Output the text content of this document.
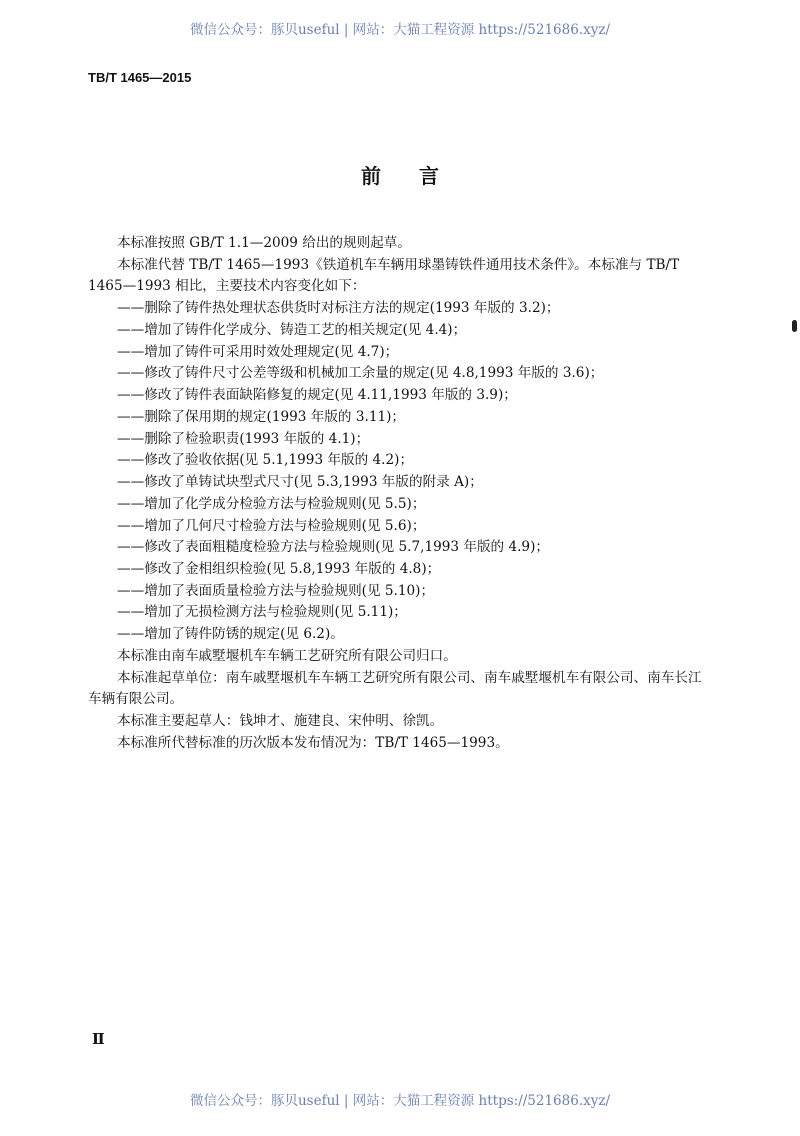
微信公众号：豚贝useful | 网站：大猫工程资源 https://521686.xyz/
TB/T 1465—2015
前言
本标准按照 GB/T 1.1—2009 给出的规则起草。
本标准代替 TB/T 1465—1993《铁道机车车辆用球墨铸铁件通用技术条件》。本标准与 TB/T
1465—1993 相比，主要技术内容变化如下：
——删除了铸件热处理状态供货时对标注方法的规定(1993 年版的 3.2)；
——增加了铸件化学成分、铸造工艺的相关规定(见 4.4)；
——增加了铸件可采用时效处理规定(见 4.7)；
——修改了铸件尺寸公差等级和机械加工余量的规定(见 4.8,1993 年版的 3.6)；
——修改了铸件表面缺陷修复的规定(见 4.11,1993 年版的 3.9)；
——删除了保用期的规定(1993 年版的 3.11)；
——删除了检验职责(1993 年版的 4.1)；
——修改了验收依据(见 5.1,1993 年版的 4.2)；
——修改了单铸试块型式尺寸(见 5.3,1993 年版的附录 A)；
——增加了化学成分检验方法与检验规则(见 5.5)；
——增加了几何尺寸检验方法与检验规则(见 5.6)；
——修改了表面粗糙度检验方法与检验规则(见 5.7,1993 年版的 4.9)；
——修改了金相组织检验(见 5.8,1993 年版的 4.8)；
——增加了表面质量检验方法与检验规则(见 5.10)；
——增加了无损检测方法与检验规则(见 5.11)；
——增加了铸件防锈的规定(见 6.2)。
本标准由南车戚墅堰机车车辆工艺研究所有限公司归口。
本标准起草单位：南车戚墅堰机车车辆工艺研究所有限公司、南车戚墅堰机车有限公司、南车长江
车辆有限公司。
本标准主要起草人：钱坤才、施建良、宋仲明、徐凯。
本标准所代替标准的历次版本发布情况为：TB/T 1465—1993。
Ⅱ
微信公众号：豚贝useful | 网站：大猫工程资源 https://521686.xyz/
